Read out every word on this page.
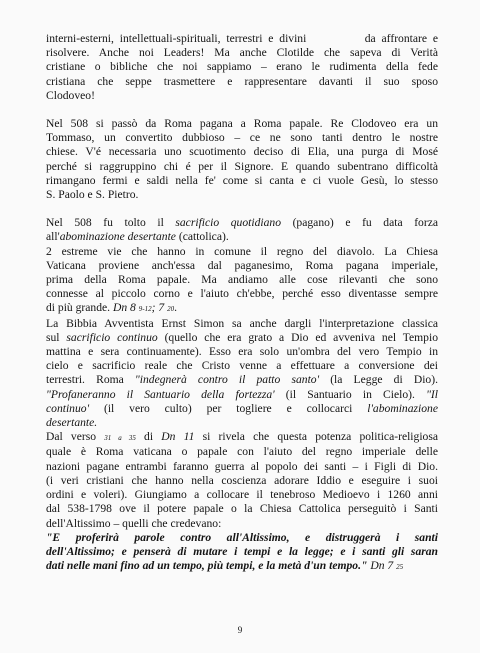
interni-esterni, intellettuali-spirituali, terrestri e divini	da affrontare e
risolvere. Anche noi Leaders! Ma anche Clotilde che sapeva di Verità
cristiane o bibliche che noi sappiamo – erano le rudimenta della fede
cristiana che seppe trasmettere e rappresentare davanti il suo sposo
Clodoveo!
Nel 508 si passò da Roma pagana a Roma papale. Re Clodoveo era un
Tommaso, un convertito dubbioso – ce ne sono tanti dentro le nostre
chiese. V'é necessaria uno scuotimento deciso di Elia, una purga di Mosé
perché si raggruppino chi é per il Signore. E quando subentrano difficoltà
rimangano fermi e saldi nella fe' come si canta e ci vuole Gesù, lo stesso
S. Paolo e S. Pietro.
Nel 508 fu tolto il sacrificio quotidiano (pagano) e fu data forza
all'abominazione desertante (cattolica).
2 estreme vie che hanno in comune il regno del diavolo. La Chiesa
Vaticana proviene anch'essa dal paganesimo, Roma pagana imperiale,
prima della Roma papale. Ma andiamo alle cose rilevanti che sono
connesse al piccolo corno e l'aiuto ch'ebbe, perché esso diventasse sempre
di più grande. Dn 8 9-12; 7 20.
La Bibbia Avventista Ernst Simon sa anche dargli l'interpretazione classica
sul sacrificio continuo (quello che era grato a Dio ed avveniva nel Tempio
mattina e sera continuamente). Esso era solo un'ombra del vero Tempio in
cielo e sacrificio reale che Cristo venne a effettuare a conversione dei
terrestri. Roma "indegnerà contro il patto santo' (la Legge di Dio).
"Profaneranno il Santuario della fortezza' (il Santuario in Cielo). "Il
continuo' (il vero culto) per togliere e collocarci l'abominazione
desertante.
Dal verso 31 a 35 di Dn 11 si rivela che questa potenza politica-religiosa
quale è Roma vaticana o papale con l'aiuto del regno imperiale delle
nazioni pagane entrambi faranno guerra al popolo dei santi – i Figli di Dio.
(i veri cristiani che hanno nella coscienza adorare Iddio e eseguire i suoi
ordini e voleri). Giungiamo a collocare il tenebroso Medioevo i 1260 anni
dal 538-1798 ove il potere papale o la Chiesa Cattolica perseguitò i Santi
dell'Altissimo – quelli che credevano:
"E proferirà parole contro all'Altissimo, e distruggerà i santi
dell'Altissimo; e penserà di mutare i tempi e la legge; e i santi gli saran
dati nelle mani fino ad un tempo, più tempi, e la metà d'un tempo." Dn 7 25
9
